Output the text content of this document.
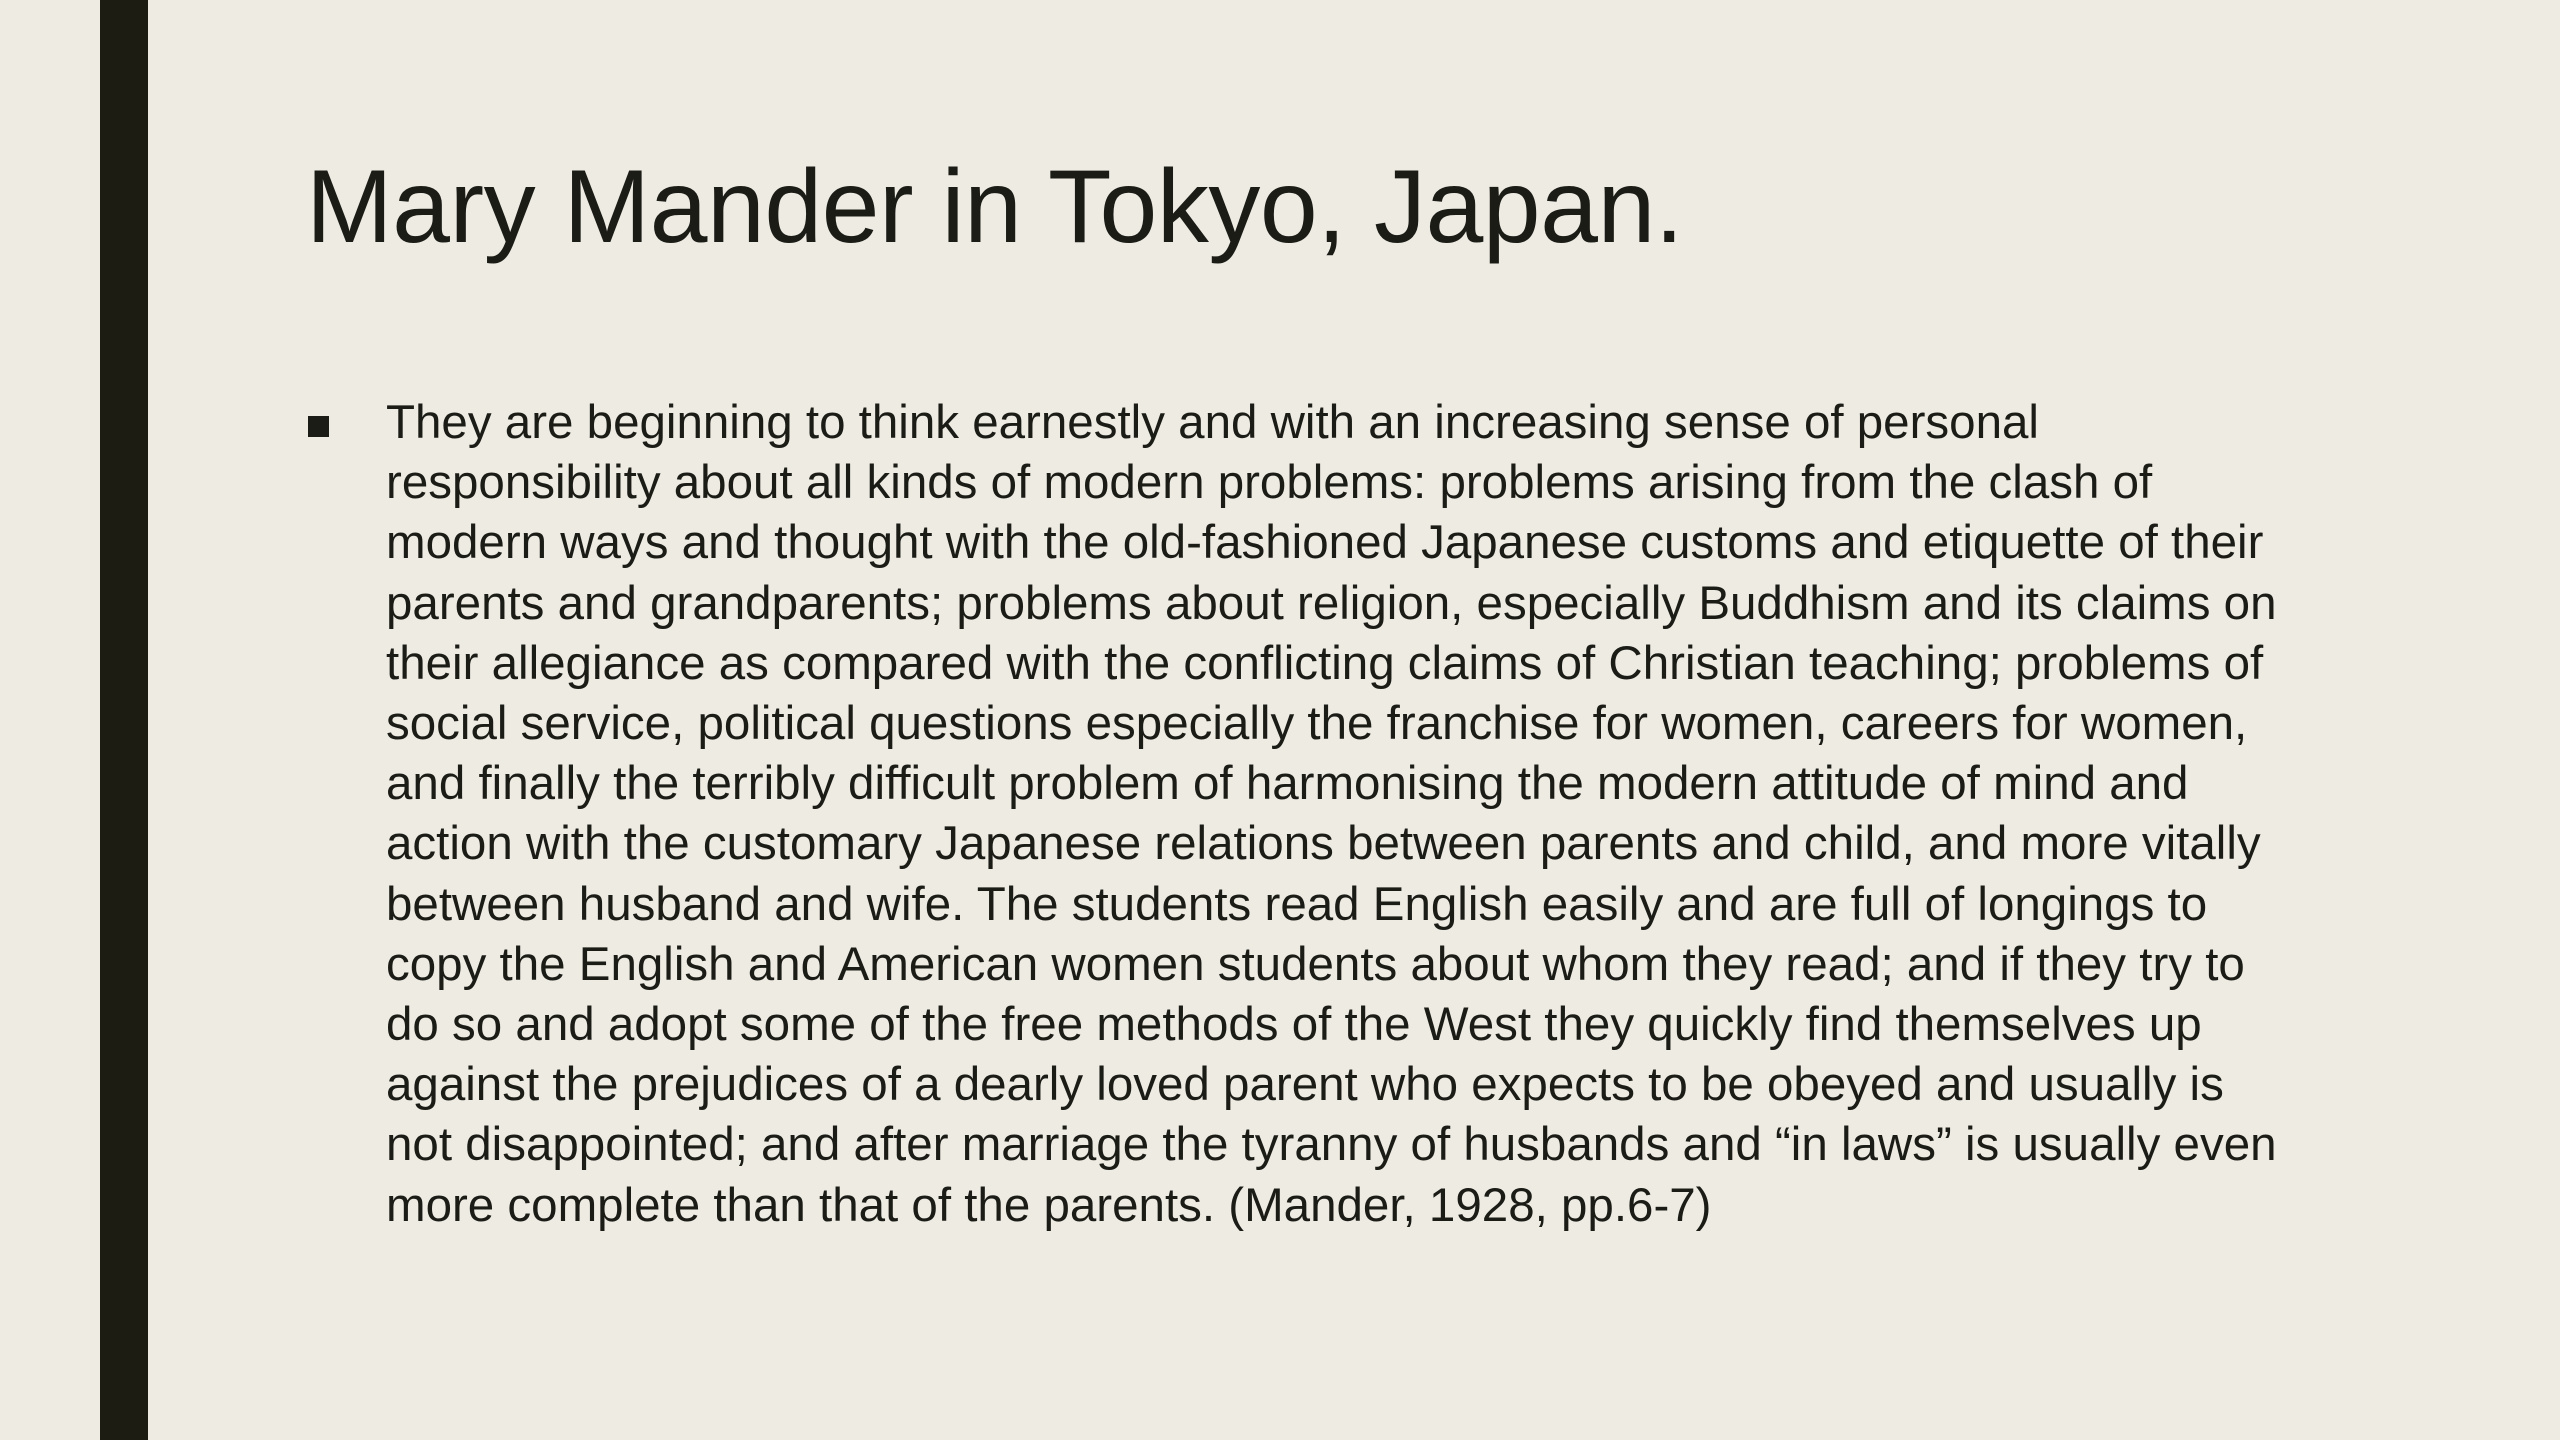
Mary Mander in Tokyo, Japan.
They are beginning to think earnestly and with an increasing sense of personal responsibility about all kinds of modern problems: problems arising from the clash of modern ways and thought with the old-fashioned Japanese customs and etiquette of their parents and grandparents; problems about religion, especially Buddhism and its claims on their allegiance as compared with the conflicting claims of Christian teaching; problems of social service, political questions especially the franchise for women, careers for women, and finally the terribly difficult problem of harmonising the modern attitude of mind and action with the customary Japanese relations between parents and child, and more vitally between husband and wife. The students read English easily and are full of longings to copy the English and American women students about whom they read; and if they try to do so and adopt some of the free methods of the West they quickly find themselves up against the prejudices of a dearly loved parent who expects to be obeyed and usually is not disappointed; and after marriage the tyranny of husbands and “in laws” is usually even more complete than that of the parents. (Mander, 1928, pp.6-7)
